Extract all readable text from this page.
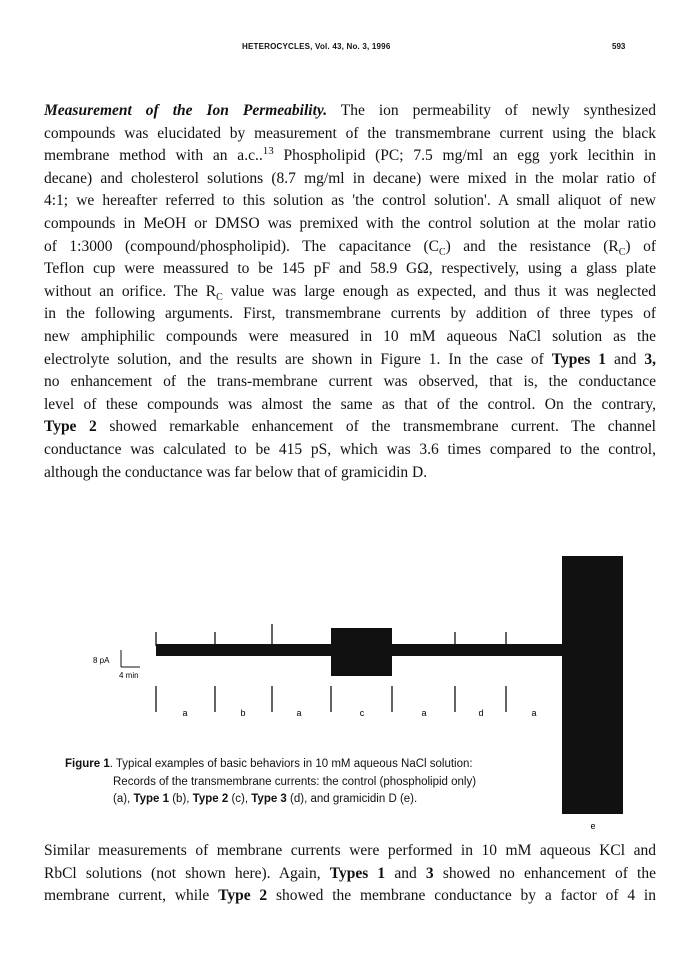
HETEROCYCLES, Vol. 43, No. 3, 1996	593
Measurement of the Ion Permeability. The ion permeability of newly synthesized
compounds was elucidated by measurement of the transmembrane current using the black
membrane method with an a.c..$^{13}$ Phospholipid (PC; 7.5 mg/ml an egg york lecithin in
decane) and cholesterol solutions (8.7 mg/ml in decane) were mixed in the molar ratio of
4:1; we hereafter referred to this solution as 'the control solution'. A small aliquot of new
compounds in MeOH or DMSO was premixed with the control solution at the molar ratio
of 1:3000 (compound/phospholipid). The capacitance $(C_C)$ and the resistance $(R_C)$ of
Teflon cup were meassured to be 145 pF and 58.9 GΩ, respectively, using a glass plate
without an orifice. The $R_C$ value was large enough as expected, and thus it was neglected
in the following arguments. First, transmembrane currents by addition of three types of
new amphiphilic compounds were measured in 10 mM aqueous NaCl solution as the
electrolyte solution, and the results are shown in Figure 1. In the case of Types 1 and 3,
no enhancement of the trans-membrane current was observed, that is, the conductance
level of these compounds was almost the same as that of the control. On the contrary,
Type 2 showed remarkable enhancement of the transmembrane current. The channel
conductance was calculated to be 415 pS, which was 3.6 times compared to the control,
although the conductance was far below that of gramicidin D.
8 pA
4 min
a	b	a	c	a	d	a
e
Figure 1. Typical examples of basic behaviors in 10 mM aqueous NaCl solution:
Records of the transmembrane currents: the control (phospholipid only)
(a), Type 1 (b), Type 2 (c), Type 3 (d), and gramicidin D (e).
Similar measurements of membrane currents were performed in 10 mM aqueous KCl and
RbCl solutions (not shown here). Again, Types 1 and 3 showed no enhancement of the
membrane current, while Type 2 showed the membrane conductance by a factor of 4 in
